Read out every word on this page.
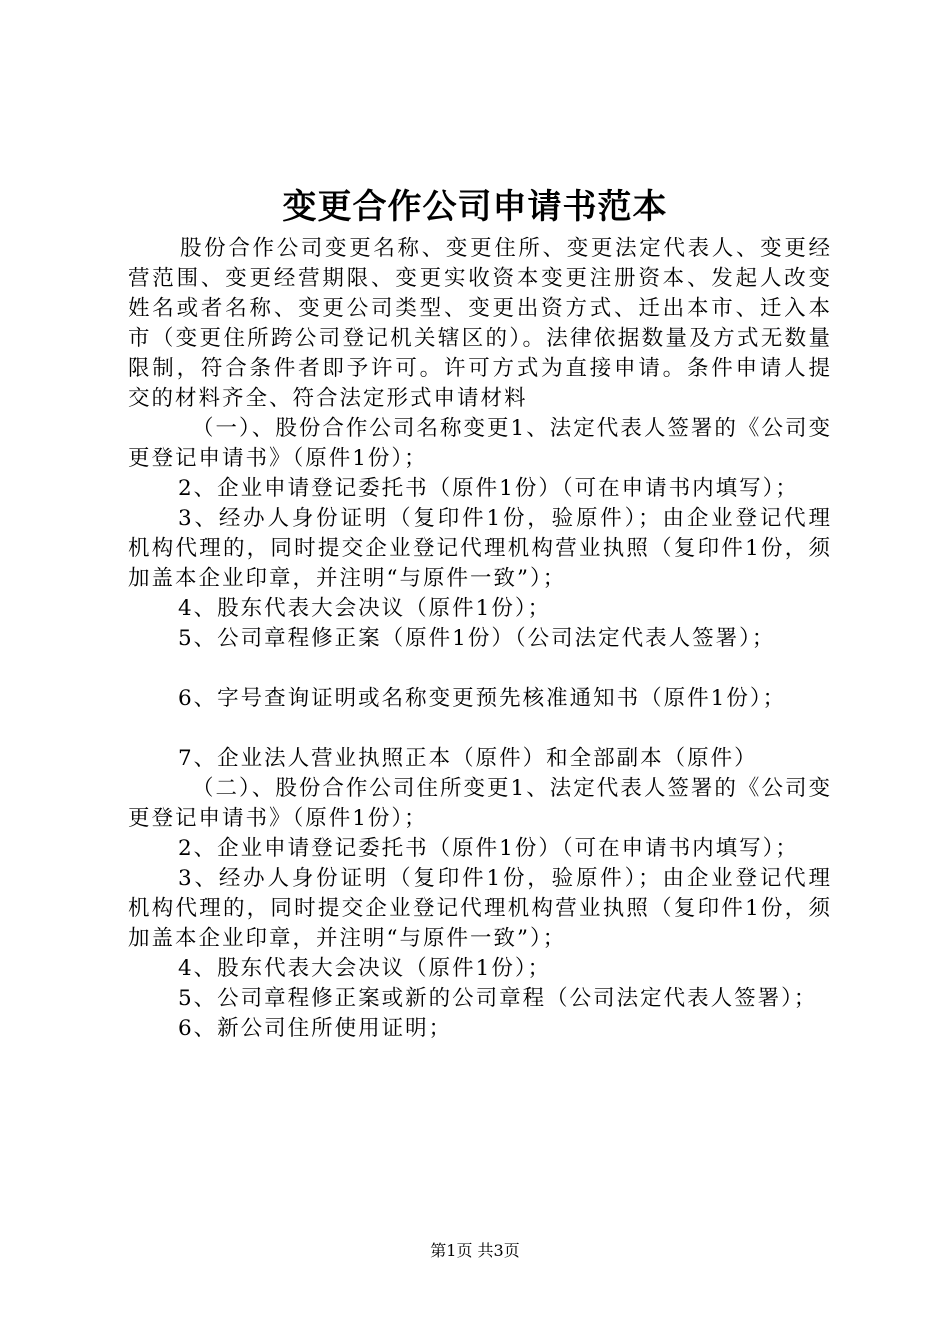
变更合作公司申请书范本

股份合作公司变更名称、变更住所、变更法定代表人、变更经营范围、变更经营期限、变更实收资本变更注册资本、发起人改变姓名或者名称、变更公司类型、变更出资方式、迁出本市、迁入本市（变更住所跨公司登记机关辖区的）。法律依据数量及方式无数量限制，符合条件者即予许可。许可方式为直接申请。条件申请人提交的材料齐全、符合法定形式申请材料

（一）、股份合作公司名称变更1、法定代表人签署的《公司变更登记申请书》（原件1份）；

2、企业申请登记委托书（原件1份）（可在申请书内填写）；

3、经办人身份证明（复印件1份，验原件）；由企业登记代理机构代理的，同时提交企业登记代理机构营业执照（复印件1份，须加盖本企业印章，并注明“与原件一致”）；

4、股东代表大会决议（原件1份）；

5、公司章程修正案（原件1份）（公司法定代表人签署）；

6、字号查询证明或名称变更预先核准通知书（原件1份）；

7、企业法人营业执照正本（原件）和全部副本（原件）

（二）、股份合作公司住所变更1、法定代表人签署的《公司变更登记申请书》（原件1份）；

2、企业申请登记委托书（原件1份）（可在申请书内填写）；

3、经办人身份证明（复印件1份，验原件）；由企业登记代理机构代理的，同时提交企业登记代理机构营业执照（复印件1份，须加盖本企业印章，并注明“与原件一致”）；

4、股东代表大会决议（原件1份）；

5、公司章程修正案或新的公司章程（公司法定代表人签署）；

6、新公司住所使用证明；

第1页 共3页
